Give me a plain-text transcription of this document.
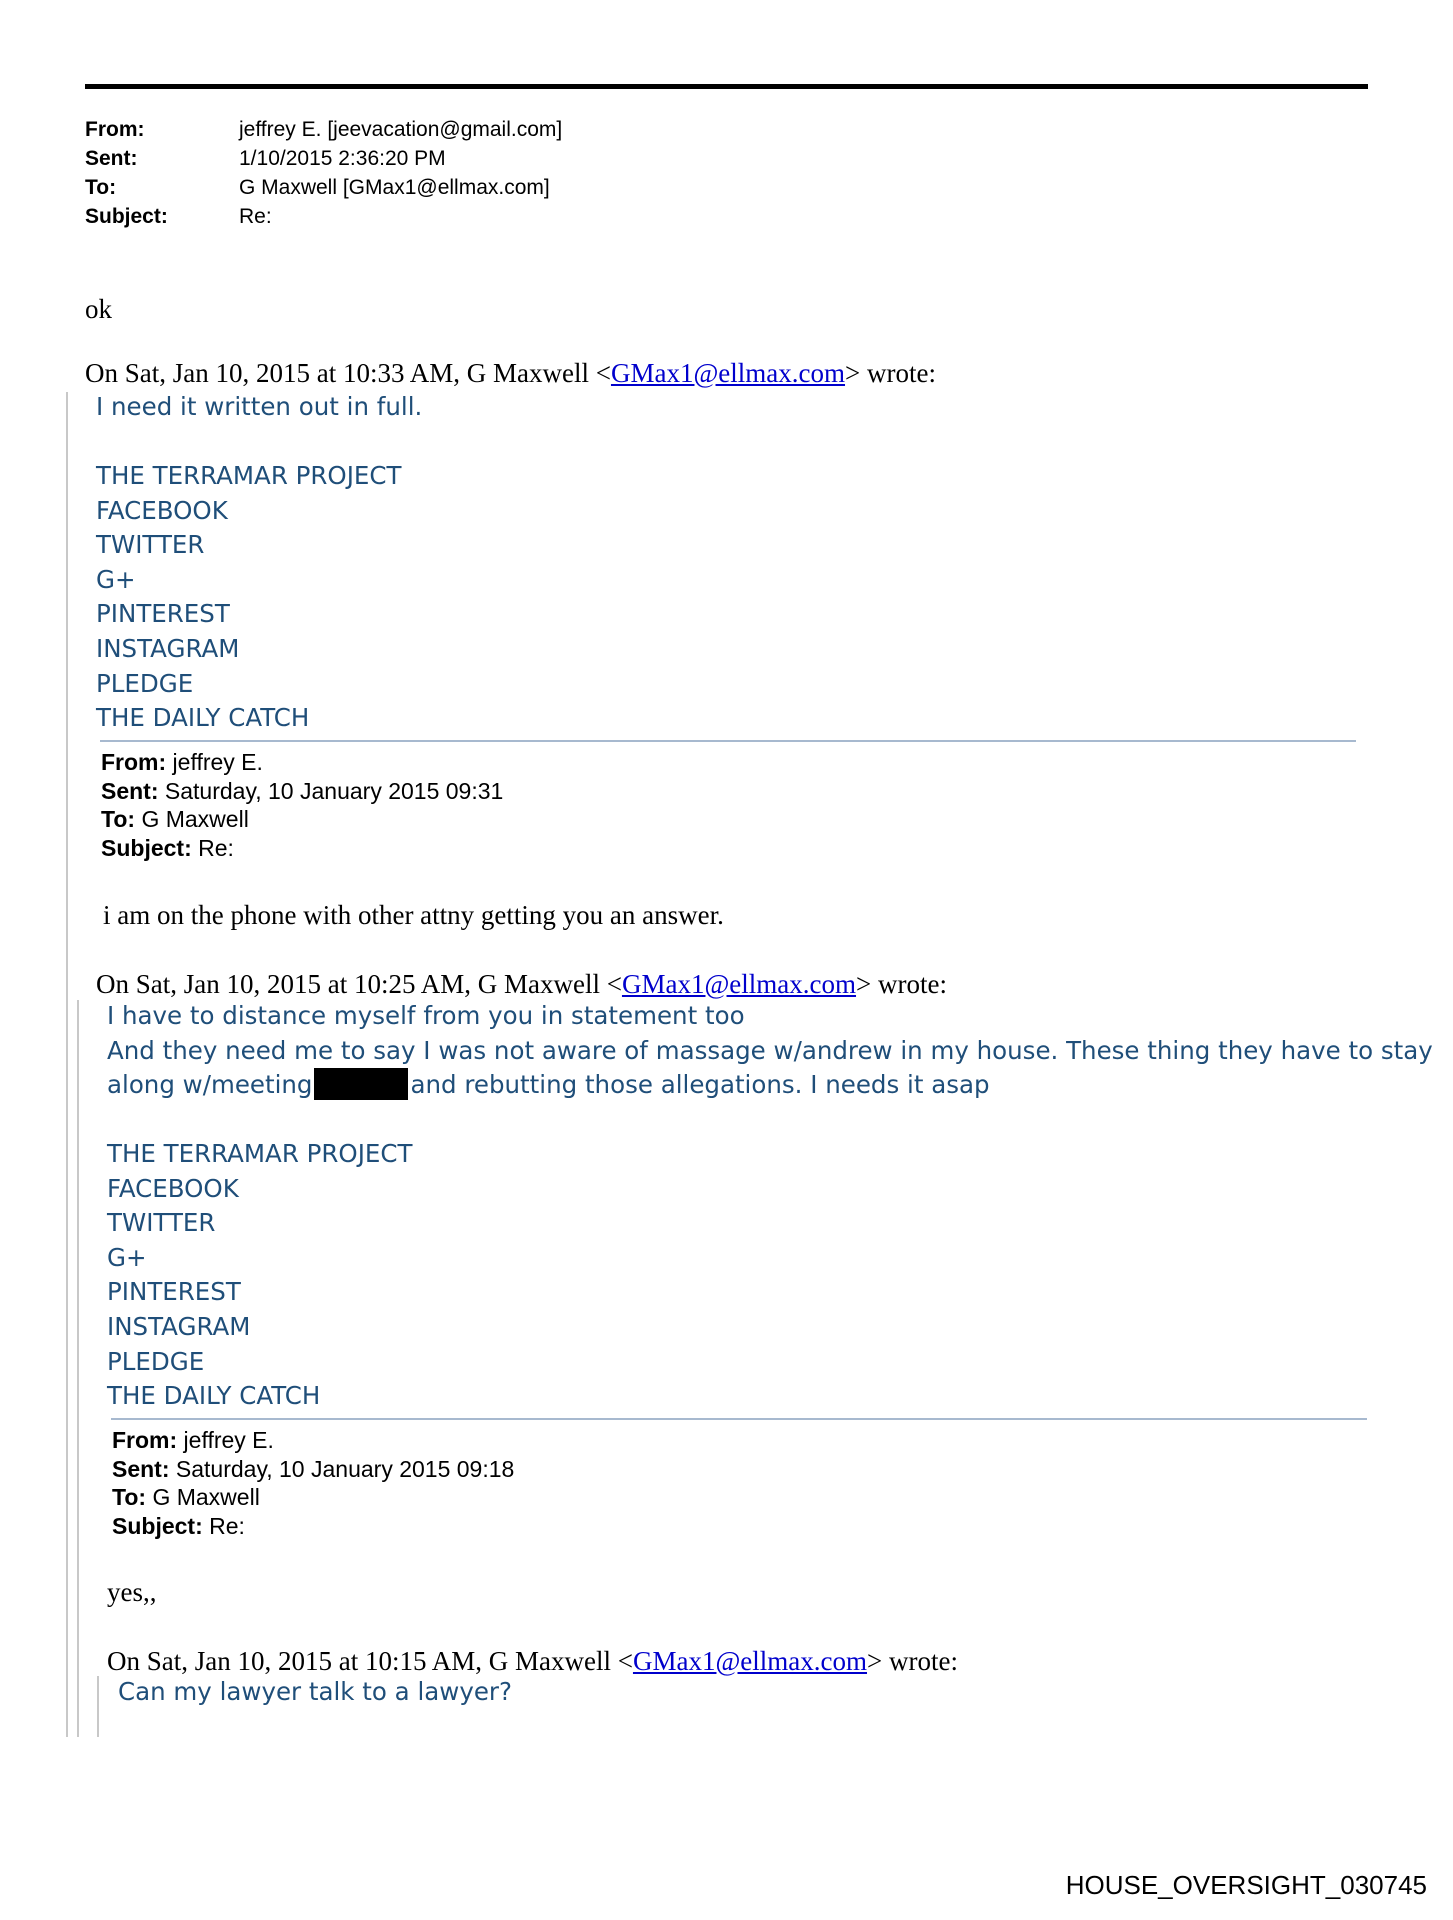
From:	jeffrey E. [jeevacation@gmail.com]
Sent:	1/10/2015 2:36:20 PM
To:	G Maxwell [GMax1@ellmax.com]
Subject:	Re:
ok
On Sat, Jan 10, 2015 at 10:33 AM, G Maxwell <GMax1@ellmax.com> wrote:
I need it written out in full.
THE TERRAMAR PROJECT
FACEBOOK
TWITTER
G+
PINTEREST
INSTAGRAM
PLEDGE
THE DAILY CATCH
From: jeffrey E.
Sent: Saturday, 10 January 2015 09:31
To: G Maxwell
Subject: Re:
i am on the phone with other attny getting you an answer.
On Sat, Jan 10, 2015 at 10:25 AM, G Maxwell <GMax1@ellmax.com> wrote:
I have to distance myself from you in statement too
And they need me to say I was not aware of massage w/andrew in my house. These thing they have to stay
along w/meeting	and rebutting those allegations. I needs it asap
THE TERRAMAR PROJECT
FACEBOOK
TWITTER
G+
PINTEREST
INSTAGRAM
PLEDGE
THE DAILY CATCH
From: jeffrey E.
Sent: Saturday, 10 January 2015 09:18
To: G Maxwell
Subject: Re:
yes,,
On Sat, Jan 10, 2015 at 10:15 AM, G Maxwell <GMax1@ellmax.com> wrote:
Can my lawyer talk to a lawyer?
HOUSE_OVERSIGHT_030745
